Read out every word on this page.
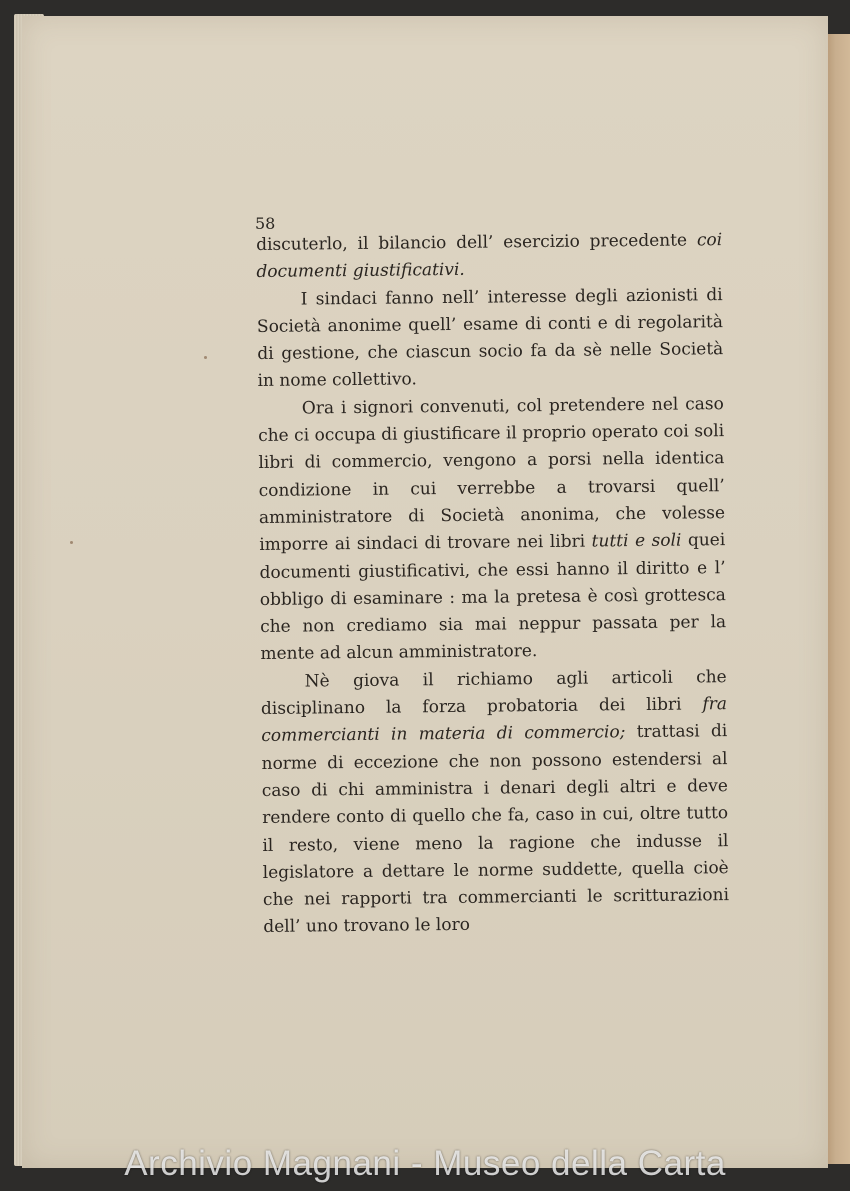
58

discuterlo, il bilancio dell’ esercizio precedente coi documenti giustificativi.

I sindaci fanno nell’ interesse degli azionisti di Società anonime quell’ esame di conti e di regolarità di gestione, che ciascun socio fa da sè nelle Società in nome collettivo.

Ora i signori convenuti, col pretendere nel caso che ci occupa di giustificare il proprio operato coi soli libri di commercio, vengono a porsi nella identica condizione in cui verrebbe a trovarsi quell’ amministratore di Società anonima, che volesse imporre ai sindaci di trovare nei libri tutti e soli quei documenti giustificativi, che essi hanno il diritto e l’ obbligo di esaminare : ma la pretesa è così grottesca che non crediamo sia mai neppur passata per la mente ad alcun amministratore.

Nè giova il richiamo agli articoli che disciplinano la forza probatoria dei libri fra commercianti in materia di commercio; trattasi di norme di eccezione che non possono estendersi al caso di chi amministra i denari degli altri e deve rendere conto di quello che fa, caso in cui, oltre tutto il resto, viene meno la ragione che indusse il legislatore a dettare le norme suddette, quella cioè che nei rapporti tra commercianti le scritturazioni dell’ uno trovano le loro

Archivio Magnani - Museo della Carta
